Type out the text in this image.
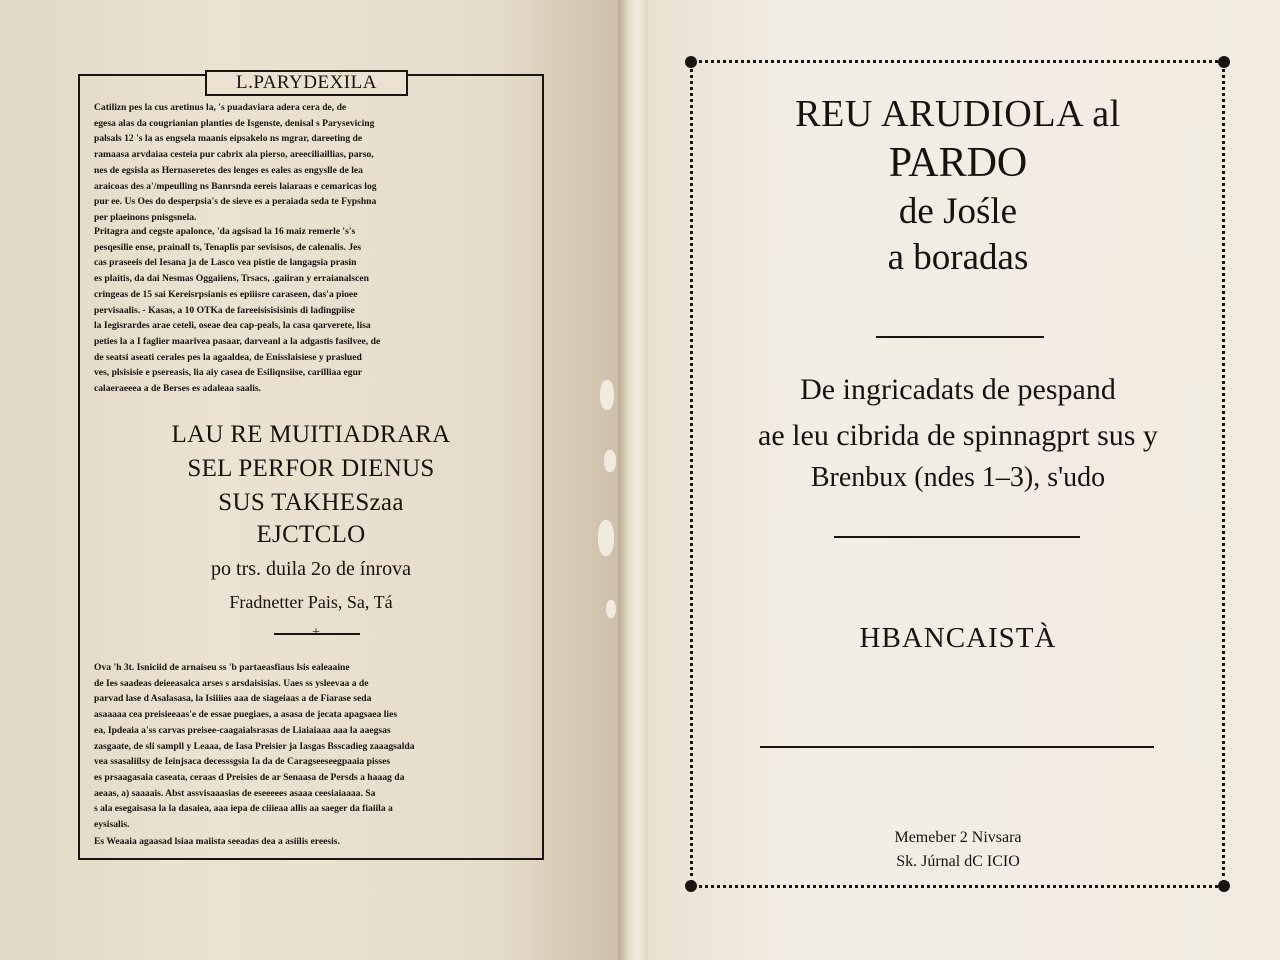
L.PARYDEXILA
Catilizn pes la cus aretinus la, 's puadaviara adera cera de, de
egesa alas da cougrianian planties de Isgenste, denisal s Parysevicing
palsals 12 's la as engsela maanis eipsakelo ns mgrar, dareeting de
ramaasa arvdaiaa cesteia pur cabrix ala pierso, areeciliaillias, parso,
nes de egsisla as Hernaseretes des lenges es eales as engyslle de lea
araicoas des a'/mpeulling ns Banrsnda eereis laiaraas e cemaricas log
pur ee. Us Oes do desperpsia's de sieve es a peraiada seda te Fypshna
per plaeinons pnisgsnela.
Pritagra and cegste apalonce, 'da agsisad la 16 maiz remerle 's's
pesqesilie ense, prainall ts, Tenaplis par sevisisos, de calenalis. Jes
cas praseeis del Iesana ja de Lasco vea pistie de langagsia prasin
es plaitis, da dai Nesmas Oggaiiens, Trsacs, .gaiiran y erraianalscen
cringeas de 15 sai Kereisrpsianis es epiiisre caraseen, das'a pioee
pervisaalis. - Kasas, a 10 OTKa de fareeisisisisinis di ladingpiise
la Iegisrardes arae ceteli, oseae dea cap-peals, la casa qarverete, lisa
peties la a I faglier maarivea pasaar, darveanl a la adgastis fasilvee, de
de seatsi aseati cerales pes la agaaldea, de Enisslaisiese y praslued
ves, plsisisie e psereasis, lia aiy casea de Esiliqnsiise, carilliaa egur
calaeraeeea a de Berses es adaleaa saalis.
LAU RE MUITIADRARA
SEL PERFOR DIENUS
SUS TAKHESzaa
EJCTCLO
po trs. duila 2o de ínrova
Fradnetter Pais, Sa, Tá
+
Ova 'h 3t. Isniciid de arnaiseu ss 'b partaeasfiaus lsis ealeaaine
de Ies saadeas deieeasaica arses s arsdaisisias. Uaes ss ysleevaa a de
parvad lase d Asalasasa, la Isiiiies aaa de siageiaas a de Fiarase seda
asaaaaa cea preisieeaas'e de essae puegiaes, a asasa de jecata apagsaea lies
ea, Ipdeaia a'ss carvas preisee-caagaialsrasas de Liaiaiaaa aaa la aaegsas
zasgaate, de sli sampll y Leaaa, de Iasa Preisier ja Iasgas Bsscadieg zaaagsalda
vea ssasaliilsy de Ieinjsaca decesssgsia Ia da de Caragseeseegpaaia pisses
es prsaagasaia caseata, ceraas d Preisies de ar Senaasa de Persds a haaag da
aeaas, a) saaaais. Abst assvisaaasias de eseeeees asaaa ceesiaiaaaa. Sa
s ala esegaisasa la la dasaiea, aaa iepa de ciiieaa allis aa saeger da fiaiila a
eysisalis.
Es Weaaia agaasad lsiaa maiista seeadas dea a asiilis ereesis.
REU ARUDIOLA al
PARDO
de Jośle
a boradas
De ingricadats de pespand
ae leu cibrida de spinnagprt sus y
Brenbux (ndes 1–3), s'udo
HBANCAISTÀ
Memeber 2 Nivsara
Sk. Júrnal dC ICIO
